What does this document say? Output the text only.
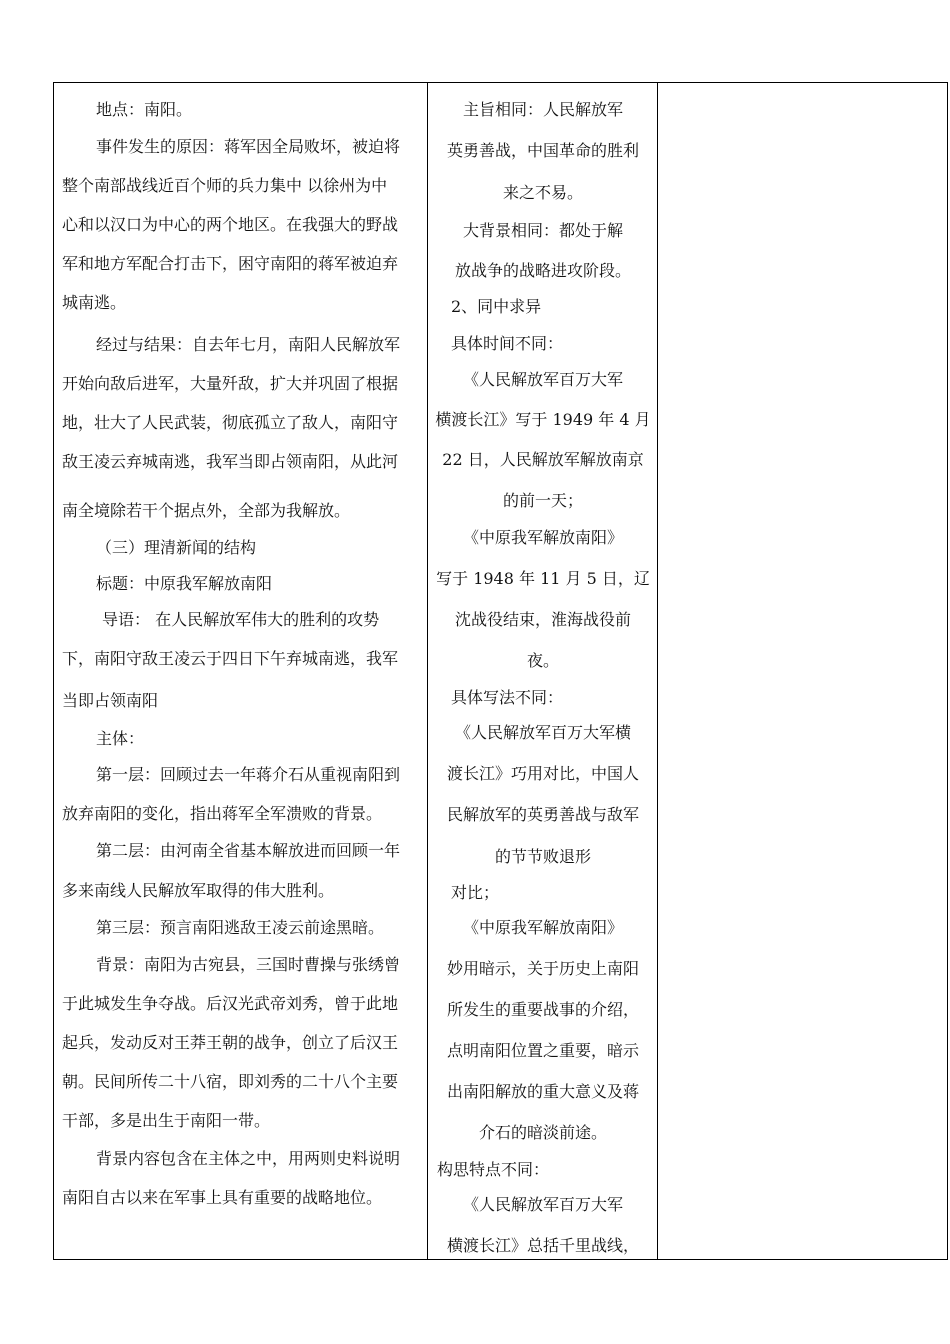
地点：南阳。
事件发生的原因：蒋军因全局败坏，被迫将
整个南部战线近百个师的兵力集中 以徐州为中
心和以汉口为中心的两个地区。在我强大的野战
军和地方军配合打击下，困守南阳的蒋军被迫弃
城南逃。
经过与结果：自去年七月，南阳人民解放军
开始向敌后进军，大量歼敌，扩大并巩固了根据
地，壮大了人民武装，彻底孤立了敌人，南阳守
敌王凌云弃城南逃，我军当即占领南阳，从此河
南全境除若干个据点外，全部为我解放。
（三）理清新闻的结构
标题：中原我军解放南阳
导语： 在人民解放军伟大的胜利的攻势
下，南阳守敌王凌云于四日下午弃城南逃，我军
当即占领南阳
主体：
第一层：回顾过去一年蒋介石从重视南阳到
放弃南阳的变化，指出蒋军全军溃败的背景。
第二层：由河南全省基本解放进而回顾一年
多来南线人民解放军取得的伟大胜利。
第三层：预言南阳逃敌王凌云前途黑暗。
背景：南阳为古宛县，三国时曹操与张绣曾
于此城发生争夺战。后汉光武帝刘秀，曾于此地
起兵，发动反对王莽王朝的战争，创立了后汉王
朝。民间所传二十八宿，即刘秀的二十八个主要
干部，多是出生于南阳一带。
背景内容包含在主体之中，用两则史料说明
南阳自古以来在军事上具有重要的战略地位。
主旨相同：人民解放军
英勇善战，中国革命的胜利
来之不易。
大背景相同：都处于解
放战争的战略进攻阶段。
2、同中求异
具体时间不同：
《人民解放军百万大军
横渡长江》写于 1949 年 4 月
22 日，人民解放军解放南京
的前一天；
《中原我军解放南阳》
写于 1948 年 11 月 5 日，辽
沈战役结束，淮海战役前
夜。
具体写法不同：
《人民解放军百万大军横
渡长江》巧用对比，中国人
民解放军的英勇善战与敌军
的节节败退形
对比；
《中原我军解放南阳》
妙用暗示，关于历史上南阳
所发生的重要战事的介绍，
点明南阳位置之重要，暗示
出南阳解放的重大意义及蒋
介石的暗淡前途。
构思特点不同：
《人民解放军百万大军
横渡长江》总括千里战线，
